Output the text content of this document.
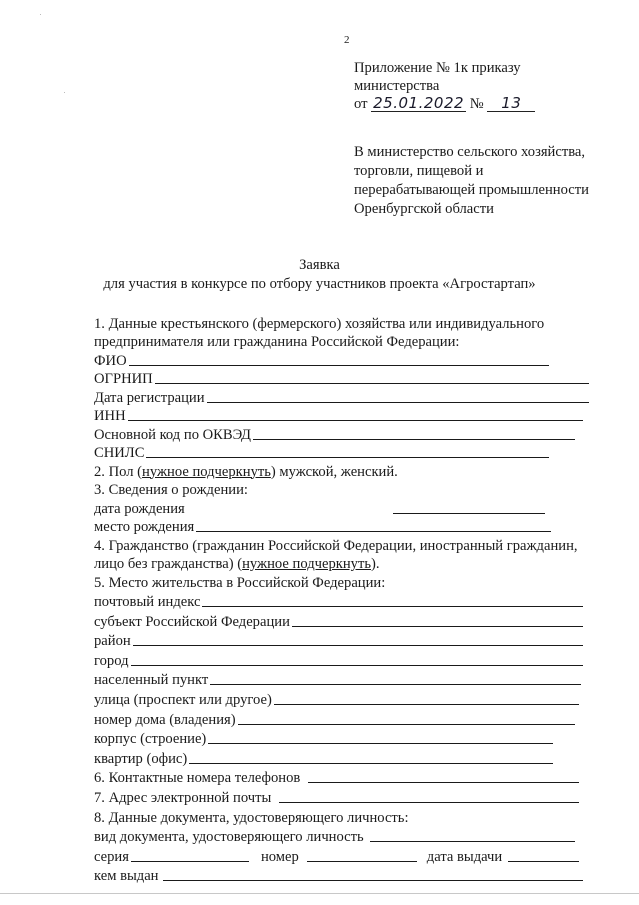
2
Приложение № 1к приказу
министерства
от 25.01.2022 № 13
В министерство сельского хозяйства, торговли, пищевой и перерабатывающей промышленности Оренбургской области
Заявка
для участия в конкурсе по отбору участников проекта «Агростартап»
1. Данные крестьянского (фермерского) хозяйства или индивидуального
предпринимателя или гражданина Российской Федерации:
ФИО
ОГРНИП
Дата регистрации
ИНН
Основной код по ОКВЭД
СНИЛС
2. Пол ( нужное подчеркнуть ) мужской, женский.
3. Сведения о рождении:
дата рождения
место рождения
4. Гражданство (гражданин Российской Федерации, иностранный гражданин,
лицо без гражданства) ( нужное подчеркнуть ).
5. Место жительства в Российской Федерации:
почтовый индекс
субъект Российской Федерации
район
город
населенный пункт
улица (проспект или другое)
номер дома (владения)
корпус (строение)
квартир (офис)
6. Контактные номера телефонов
7. Адрес электронной почты
8. Данные документа, удостоверяющего личность:
вид документа, удостоверяющего личность
серия	номер	дата выдачи
кем выдан
